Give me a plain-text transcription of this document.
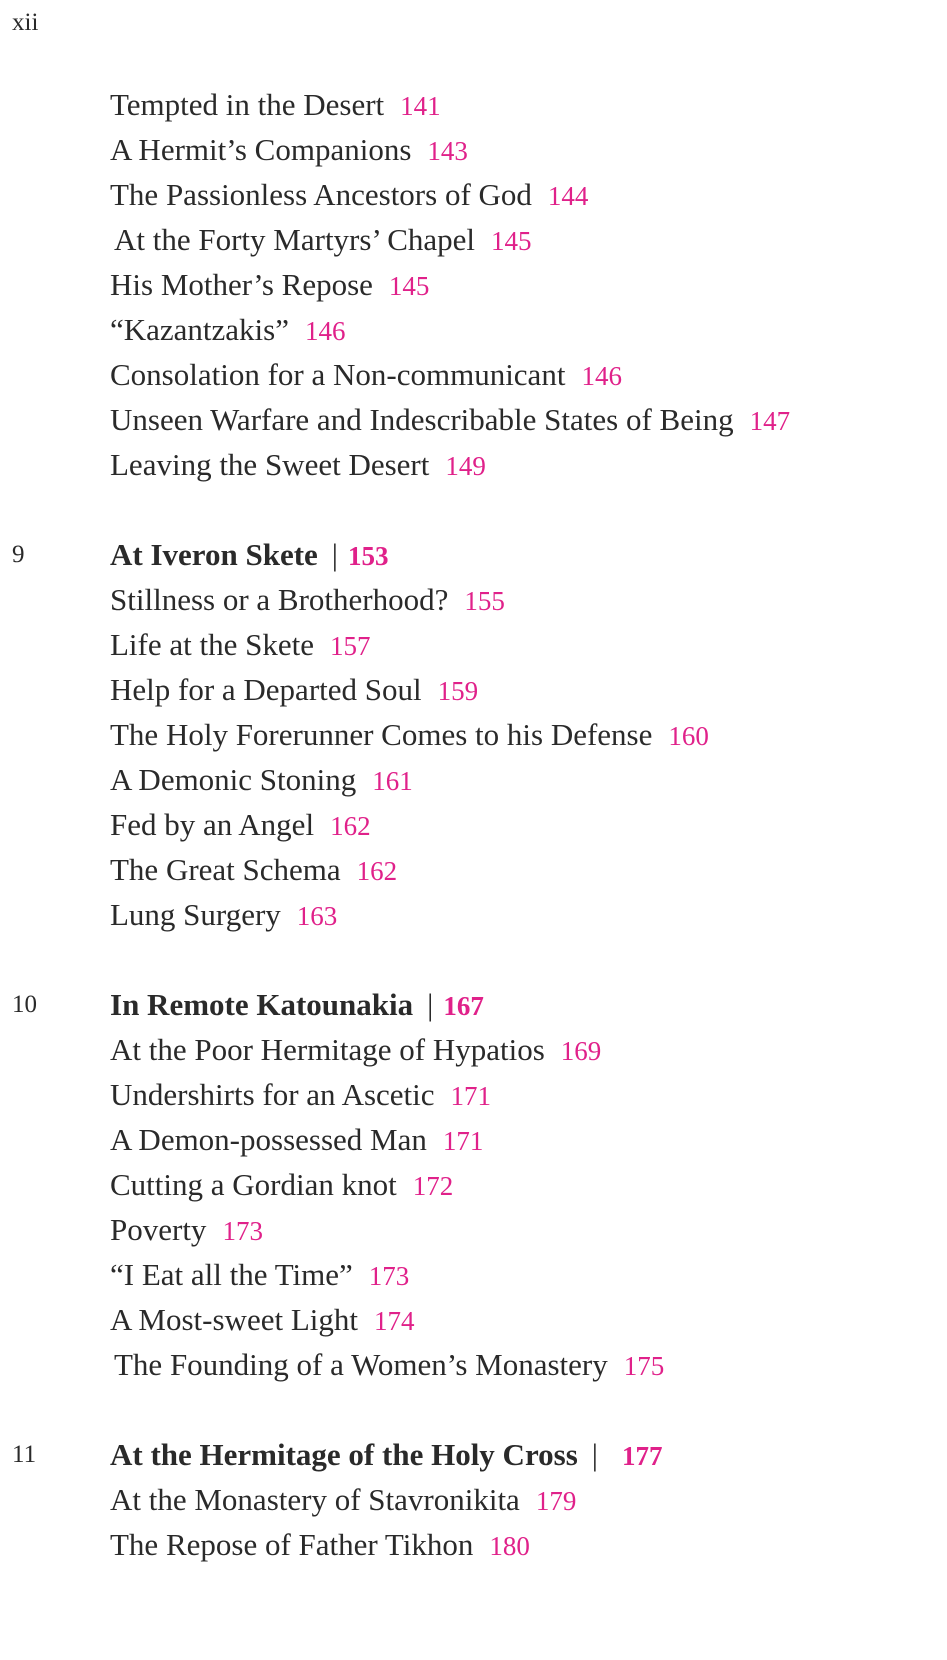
xii
Tempted in the Desert 141
A Hermit’s Companions 143
The Passionless Ancestors of God 144
At the Forty Martyrs’ Chapel 145
His Mother’s Repose 145
“Kazantzakis” 146
Consolation for a Non-communicant 146
Unseen Warfare and Indescribable States of Being 147
Leaving the Sweet Desert 149
9	At Iveron Skete | 153
Stillness or a Brotherhood? 155
Life at the Skete 157
Help for a Departed Soul 159
The Holy Forerunner Comes to his Defense 160
A Demonic Stoning 161
Fed by an Angel 162
The Great Schema 162
Lung Surgery 163
10 In Remote Katounakia | 167
At the Poor Hermitage of Hypatios 169
Undershirts for an Ascetic 171
A Demon-possessed Man 171
Cutting a Gordian knot 172
Poverty 173
“I Eat all the Time” 173
A Most-sweet Light 174
The Founding of a Women’s Monastery 175
11 At the Hermitage of the Holy Cross | 177
At the Monastery of Stavronikita 179
The Repose of Father Tikhon 180
